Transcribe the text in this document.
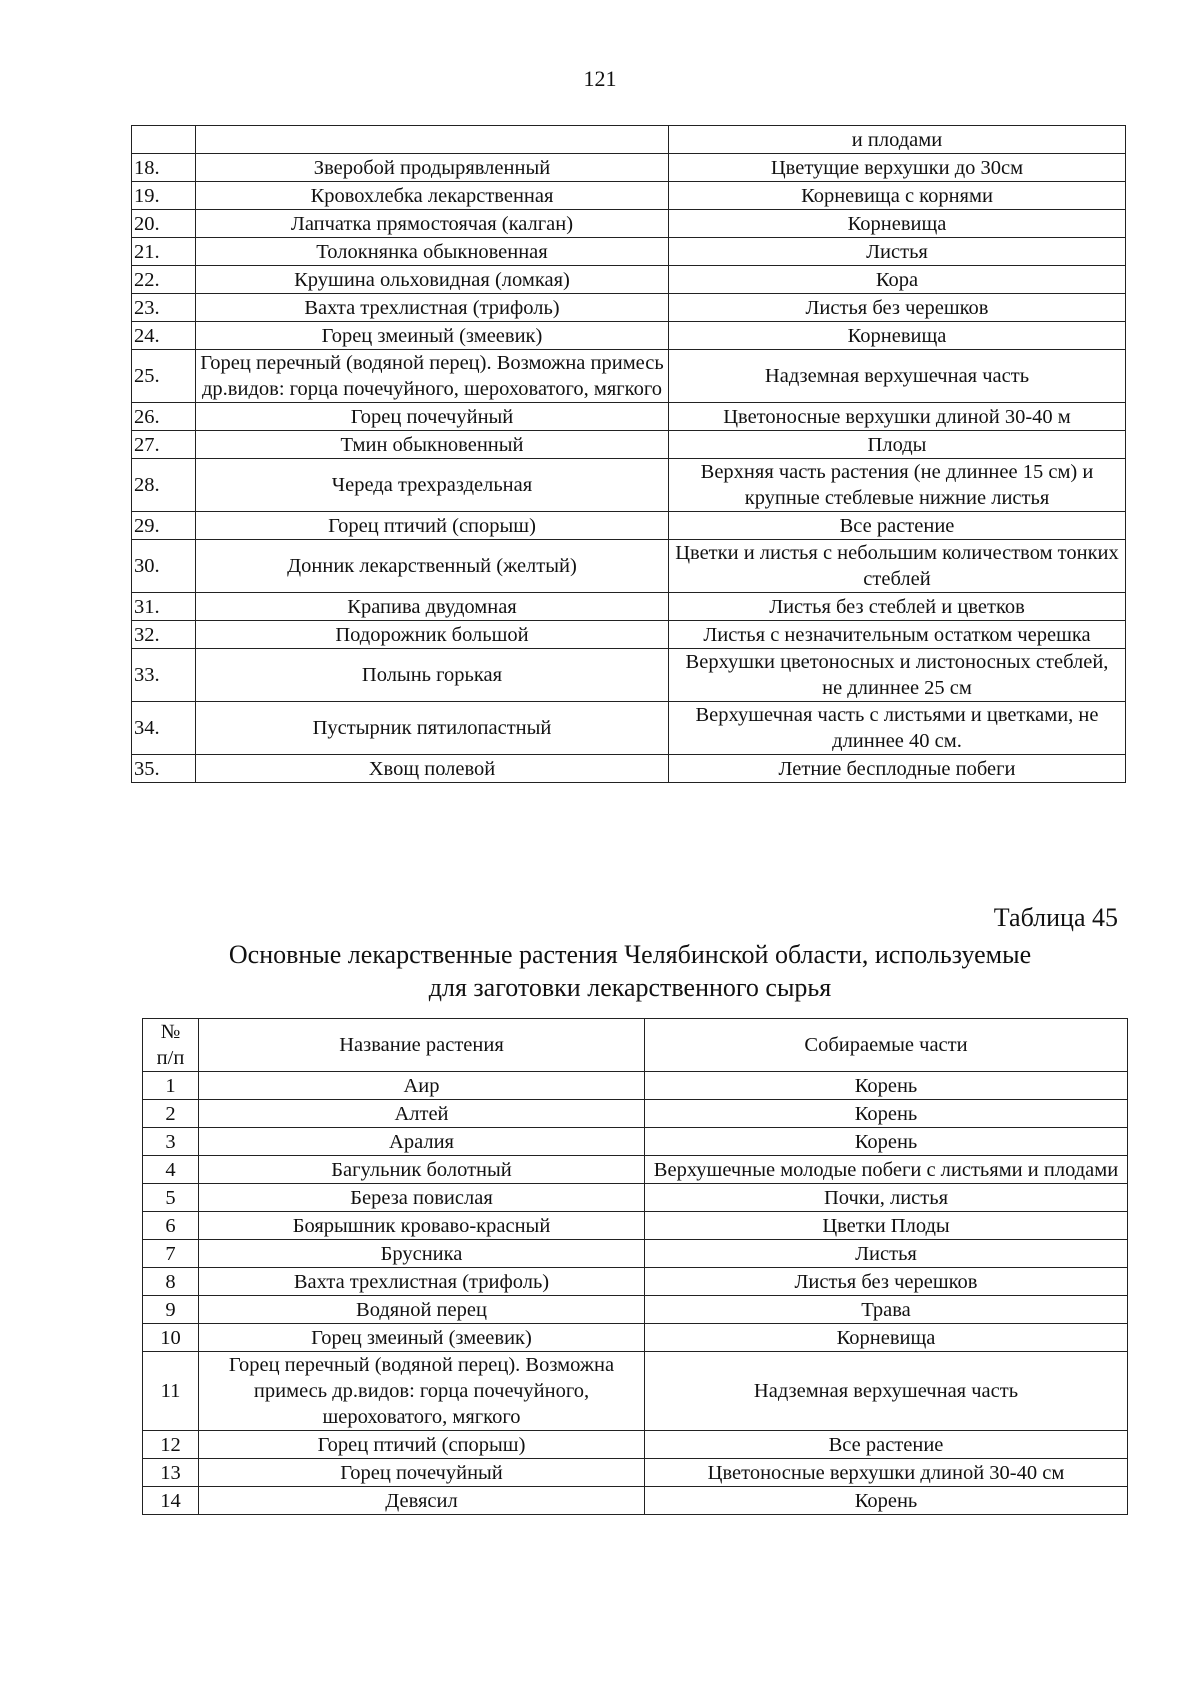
121
		и плодами
18.	Зверобой продырявленный	Цветущие верхушки до 30см
19.	Кровохлебка лекарственная	Корневища с корнями
20.	Лапчатка прямостоячая (калган)	Корневища
21.	Толокнянка обыкновенная	Листья
22.	Крушина ольховидная (ломкая)	Кора
23.	Вахта трехлистная (трифоль)	Листья без черешков
24.	Горец змеиный (змеевик)	Корневища
25.	Горец перечный (водяной перец). Возможна примесь др.видов: горца почечуйного, шероховатого, мягкого	Надземная верхушечная часть
26.	Горец почечуйный	Цветоносные верхушки длиной 30-40 м
27.	Тмин обыкновенный	Плоды
28.	Череда трехраздельная	Верхняя часть растения (не длиннее 15 см) и крупные стеблевые нижние листья
29.	Горец птичий (спорыш)	Все растение
30.	Донник лекарственный (желтый)	Цветки и листья с небольшим количеством тонких стеблей
31.	Крапива двудомная	Листья без стеблей и цветков
32.	Подорожник большой	Листья с незначительным остатком черешка
33.	Полынь горькая	Верхушки цветоносных и листоносных стеблей, не длиннее 25 см
34.	Пустырник пятилопастный	Верхушечная часть с листьями и цветками, не длиннее 40 см.
35.	Хвощ полевой	Летние бесплодные побеги
Таблица 45
Основные лекарственные растения Челябинской области, используемые
для заготовки лекарственного сырья
№
п/п	Название растения	Собираемые части
1	Аир	Корень
2	Алтей	Корень
3	Аралия	Корень
4	Багульник болотный	Верхушечные молодые побеги с листьями и плодами
5	Береза повислая	Почки, листья
6	Боярышник кроваво-красный	Цветки Плоды
7	Брусника	Листья
8	Вахта трехлистная (трифоль)	Листья без черешков
9	Водяной перец	Трава
10	Горец змеиный (змеевик)	Корневища
11	Горец перечный (водяной перец). Возможна примесь др.видов: горца почечуйного, шероховатого, мягкого	Надземная верхушечная часть
12	Горец птичий (спорыш)	Все растение
13	Горец почечуйный	Цветоносные верхушки длиной 30-40 см
14	Девясил	Корень
